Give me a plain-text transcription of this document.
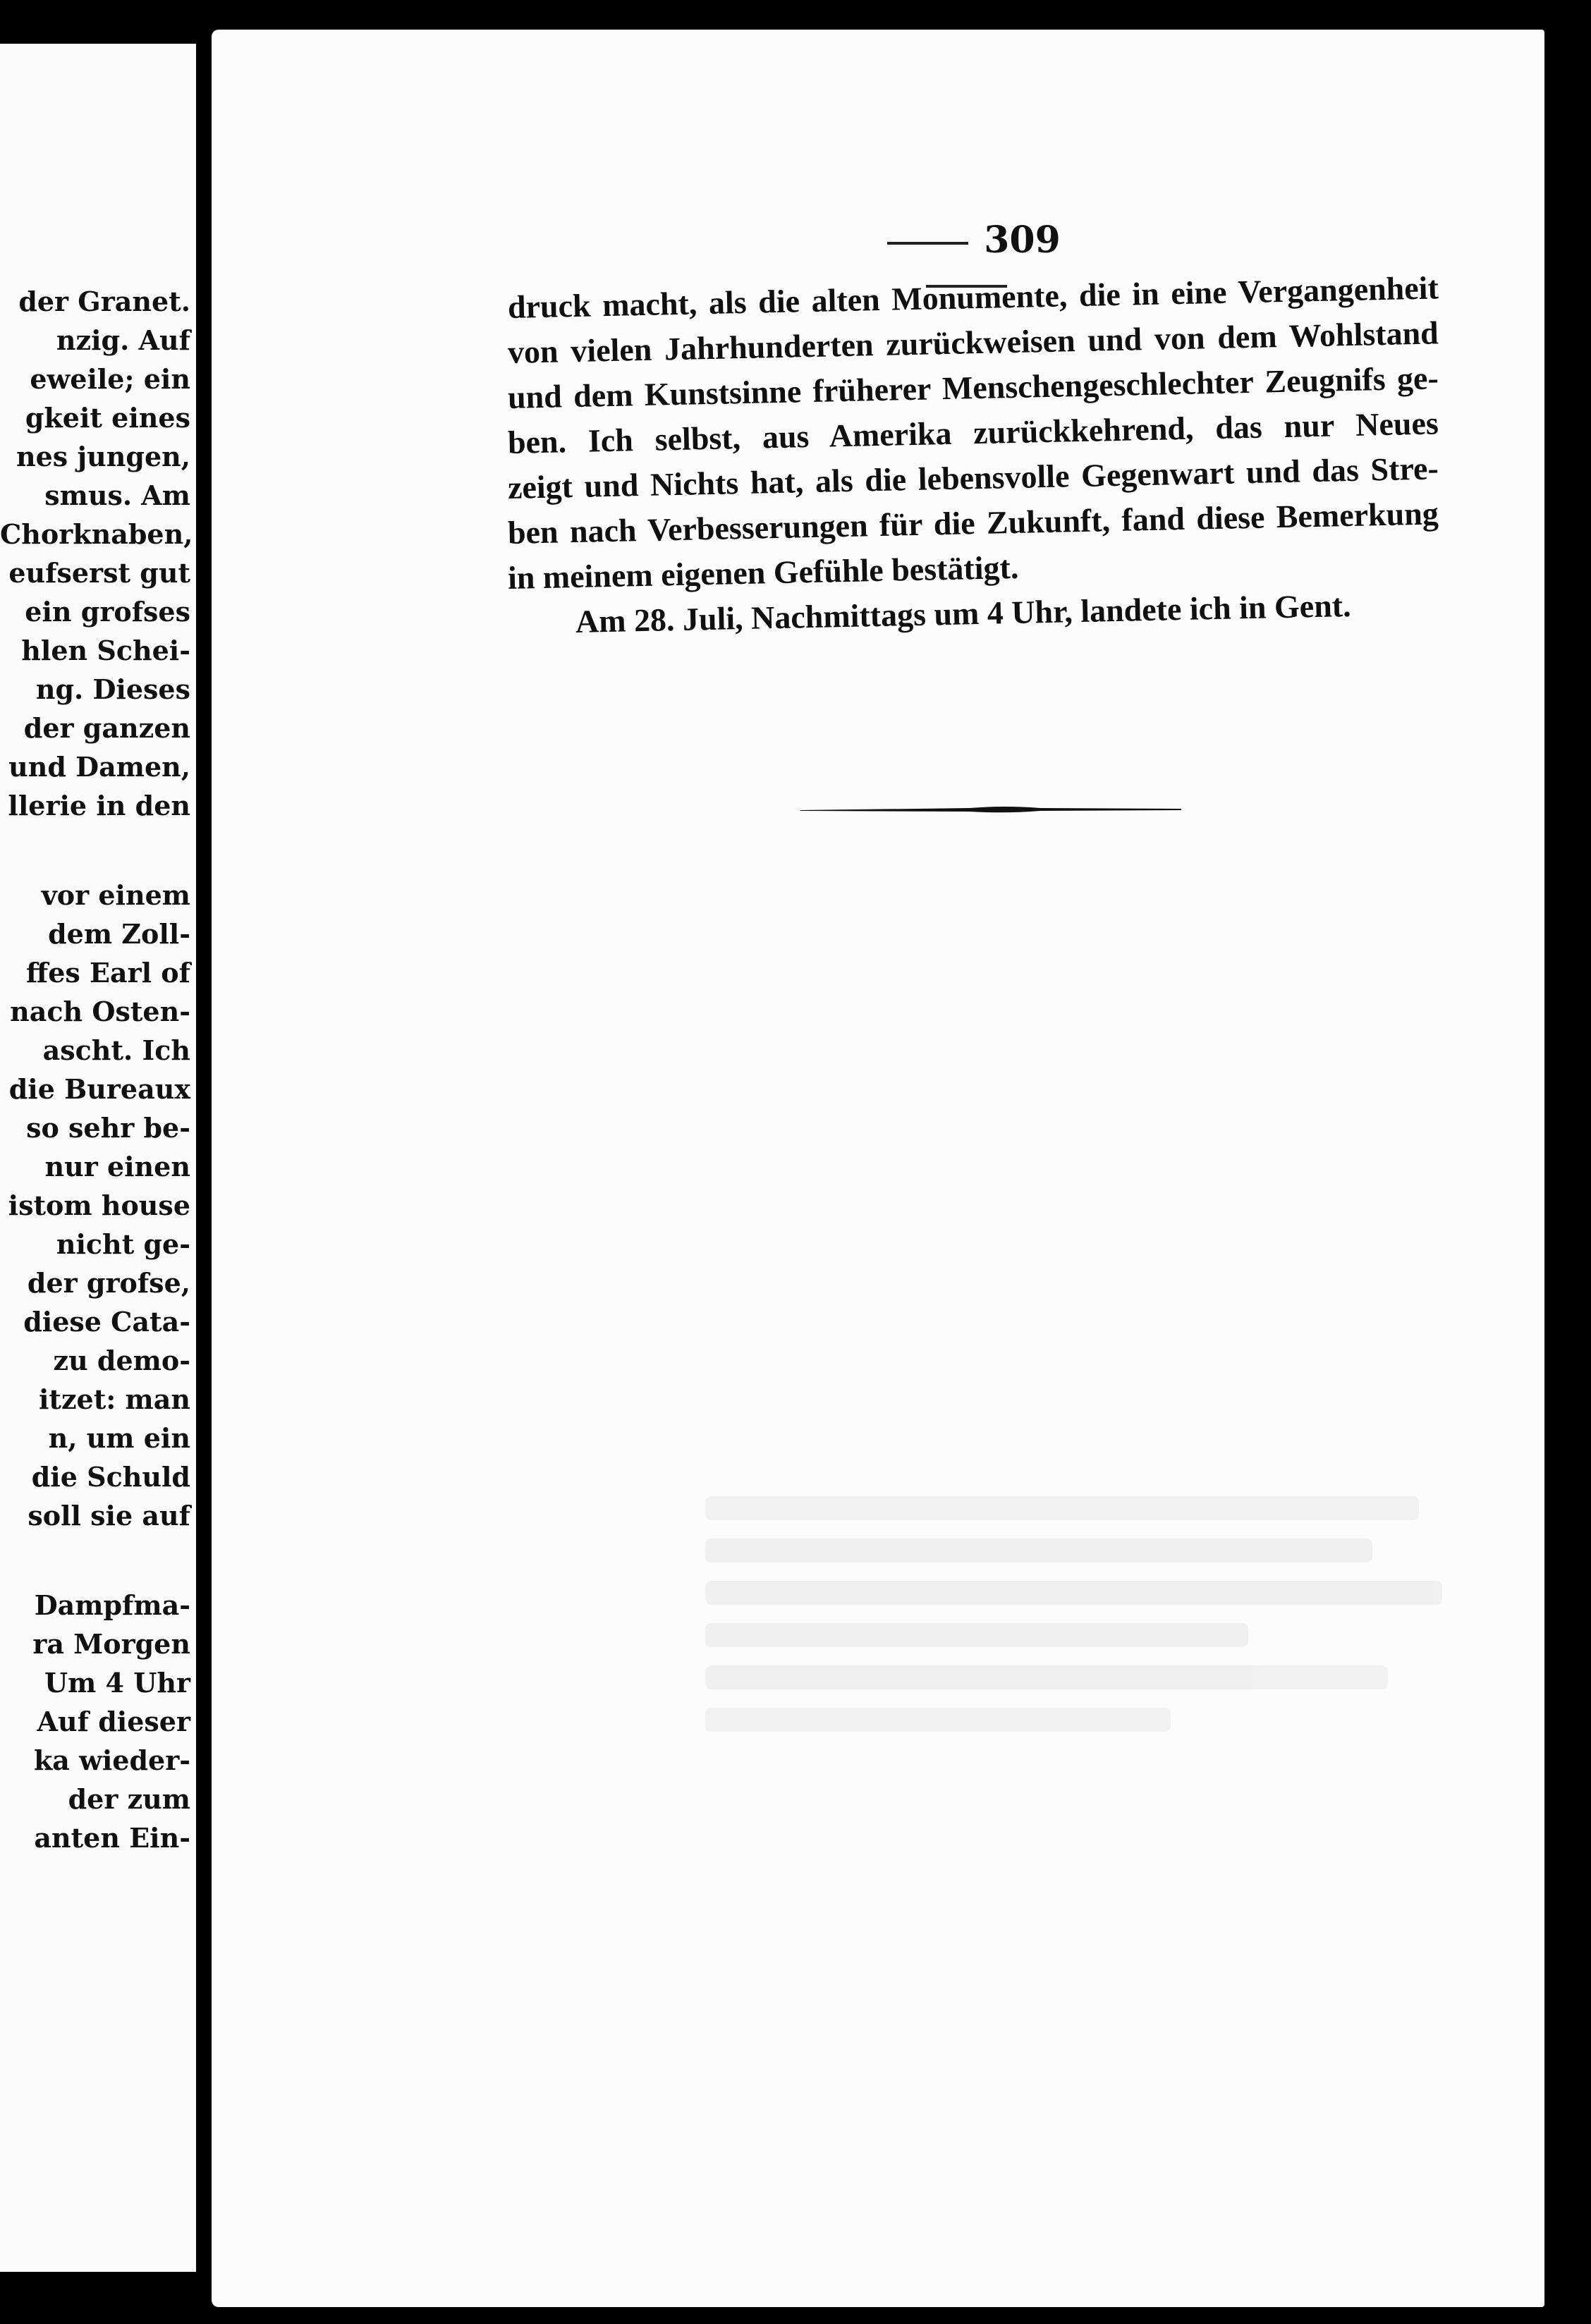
der Granet.
nzig. Auf
eweile; ein
gkeit eines
nes jungen,
smus. Am
Chorknaben,
eufserst gut
ein grofses
hlen Schei-
ng. Dieses
der ganzen
und Damen,
llerie in den
vor einem
dem Zoll-
ffes Earl of
nach Osten-
ascht. Ich
die Bureaux
so sehr be-
nur einen
istom house
nicht ge-
der grofse,
diese Cata-
zu demo-
itzet: man
n, um ein
die Schuld
soll sie auf
Dampfma-
ra Morgen
Um 4 Uhr
Auf dieser
ka wieder-
der zum
anten Ein-
309
druck macht, als die alten Monumente, die in eine Vergangenheit
von vielen Jahrhunderten zurückweisen und von dem Wohlstand
und dem Kunstsinne früherer Menschengeschlechter Zeugnifs ge-
ben. Ich selbst, aus Amerika zurückkehrend, das nur Neues
zeigt und Nichts hat, als die lebensvolle Gegenwart und das Stre-
ben nach Verbesserungen für die Zukunft, fand diese Bemerkung
in meinem eigenen Gefühle bestätigt.
Am 28. Juli, Nachmittags um 4 Uhr, landete ich in Gent.
